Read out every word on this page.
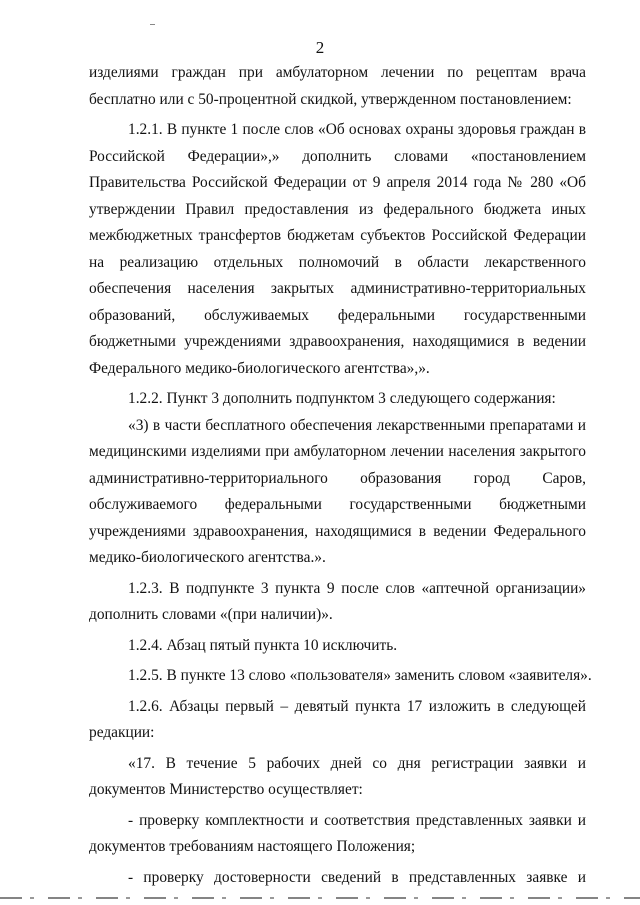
2
изделиями граждан при амбулаторном лечении по рецептам врача
бесплатно или с 50-процентной скидкой, утвержденном постановлением:
1.2.1. В пункте 1 после слов «Об основах охраны здоровья граждан в
Российской Федерации»,» дополнить словами «постановлением
Правительства Российской Федерации от 9 апреля 2014 года № 280 «Об
утверждении Правил предоставления из федерального бюджета иных
межбюджетных трансфертов бюджетам субъектов Российской Федерации
на реализацию отдельных полномочий в области лекарственного
обеспечения населения закрытых административно-территориальных
образований, обслуживаемых федеральными государственными
бюджетными учреждениями здравоохранения, находящимися в ведении
Федерального медико-биологического агентства»,».
1.2.2. Пункт 3 дополнить подпунктом 3 следующего содержания:
«3) в части бесплатного обеспечения лекарственными препаратами и
медицинскими изделиями при амбулаторном лечении населения закрытого
административно-территориального образования город Саров,
обслуживаемого федеральными государственными бюджетными
учреждениями здравоохранения, находящимися в ведении Федерального
медико-биологического агентства.».
1.2.3. В подпункте 3 пункта 9 после слов «аптечной организации»
дополнить словами «(при наличии)».
1.2.4. Абзац пятый пункта 10 исключить.
1.2.5. В пункте 13 слово «пользователя» заменить словом «заявителя».
1.2.6. Абзацы первый – девятый пункта 17 изложить в следующей
редакции:
«17. В течение 5 рабочих дней со дня регистрации заявки и
документов Министерство осуществляет:
- проверку комплектности и соответствия представленных заявки и
документов требованиям настоящего Положения;
- проверку достоверности сведений в представленных заявке и
